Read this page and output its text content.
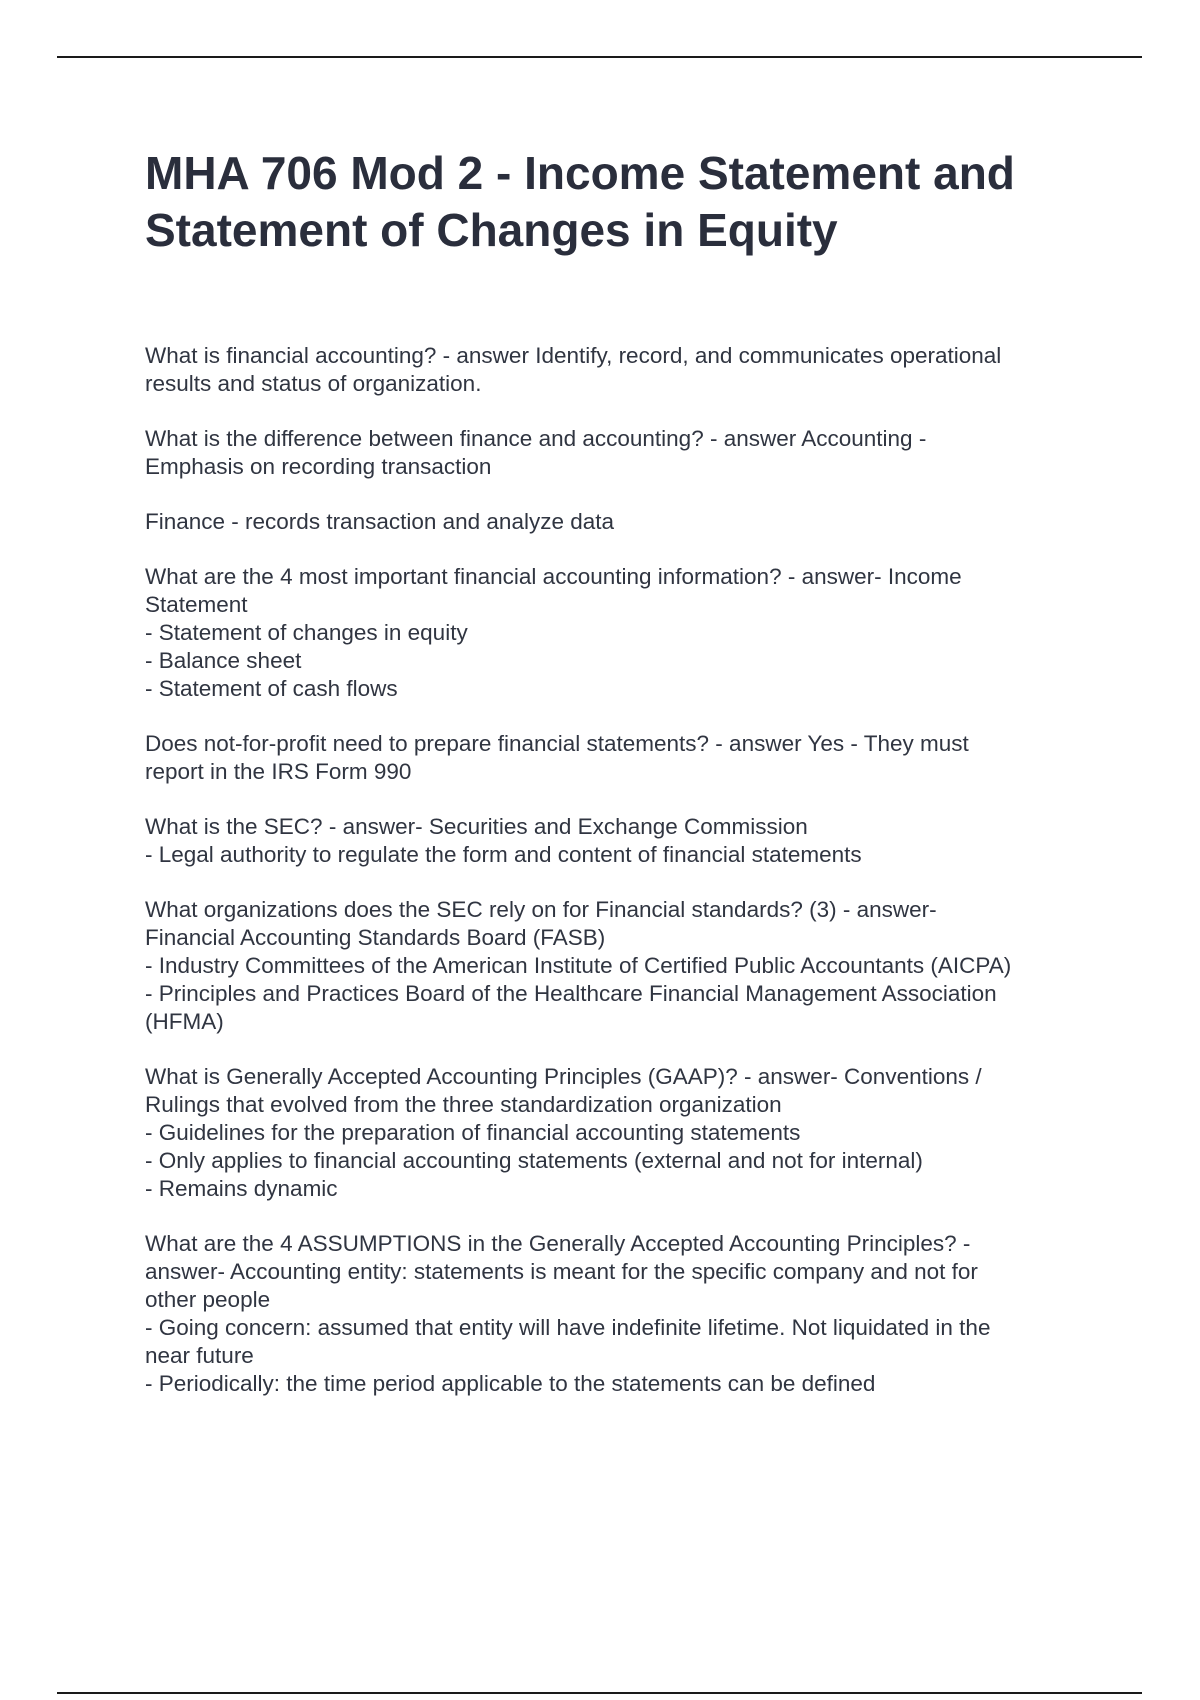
MHA 706 Mod 2 - Income Statement and
Statement of Changes in Equity

What is financial accounting? - answer Identify, record, and communicates operational
results and status of organization.

What is the difference between finance and accounting? - answer Accounting -
Emphasis on recording transaction

Finance - records transaction and analyze data

What are the 4 most important financial accounting information? - answer- Income
Statement
- Statement of changes in equity
- Balance sheet
- Statement of cash flows

Does not-for-profit need to prepare financial statements? - answer Yes - They must
report in the IRS Form 990

What is the SEC? - answer- Securities and Exchange Commission
- Legal authority to regulate the form and content of financial statements

What organizations does the SEC rely on for Financial standards? (3) - answer-
Financial Accounting Standards Board (FASB)
- Industry Committees of the American Institute of Certified Public Accountants (AICPA)
- Principles and Practices Board of the Healthcare Financial Management Association
(HFMA)

What is Generally Accepted Accounting Principles (GAAP)? - answer- Conventions /
Rulings that evolved from the three standardization organization
- Guidelines for the preparation of financial accounting statements
- Only applies to financial accounting statements (external and not for internal)
- Remains dynamic

What are the 4 ASSUMPTIONS in the Generally Accepted Accounting Principles? -
answer- Accounting entity: statements is meant for the specific company and not for
other people
- Going concern: assumed that entity will have indefinite lifetime. Not liquidated in the
near future
- Periodically: the time period applicable to the statements can be defined
